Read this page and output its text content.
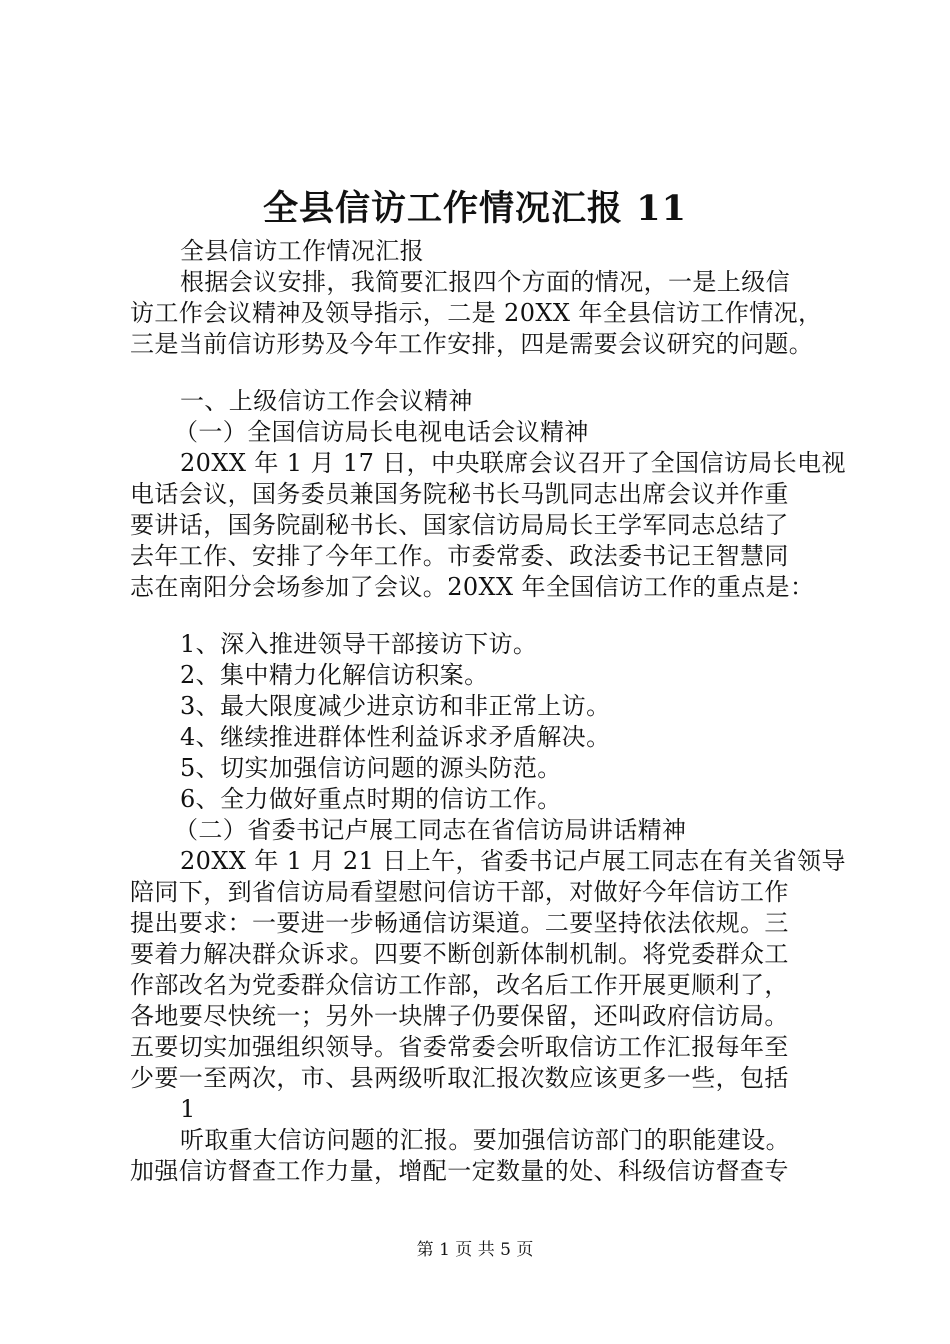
全县信访工作情况汇报 11
全县信访工作情况汇报
根据会议安排，我简要汇报四个方面的情况，一是上级信
访工作会议精神及领导指示，二是 20XX 年全县信访工作情况，
三是当前信访形势及今年工作安排，四是需要会议研究的问题。
一、上级信访工作会议精神
（一）全国信访局长电视电话会议精神
20XX 年 1 月 17 日，中央联席会议召开了全国信访局长电视
电话会议，国务委员兼国务院秘书长马凯同志出席会议并作重
要讲话，国务院副秘书长、国家信访局局长王学军同志总结了
去年工作、安排了今年工作。市委常委、政法委书记王智慧同
志在南阳分会场参加了会议。20XX 年全国信访工作的重点是：
1、深入推进领导干部接访下访。
2、集中精力化解信访积案。
3、最大限度减少进京访和非正常上访。
4、继续推进群体性利益诉求矛盾解决。
5、切实加强信访问题的源头防范。
6、全力做好重点时期的信访工作。
（二）省委书记卢展工同志在省信访局讲话精神
20XX 年 1 月 21 日上午，省委书记卢展工同志在有关省领导
陪同下，到省信访局看望慰问信访干部，对做好今年信访工作
提出要求：一要进一步畅通信访渠道。二要坚持依法依规。三
要着力解决群众诉求。四要不断创新体制机制。将党委群众工
作部改名为党委群众信访工作部，改名后工作开展更顺利了，
各地要尽快统一；另外一块牌子仍要保留，还叫政府信访局。
五要切实加强组织领导。省委常委会听取信访工作汇报每年至
少要一至两次，市、县两级听取汇报次数应该更多一些，包括
1
听取重大信访问题的汇报。要加强信访部门的职能建设。
加强信访督查工作力量，增配一定数量的处、科级信访督查专
第 1 页 共 5 页
